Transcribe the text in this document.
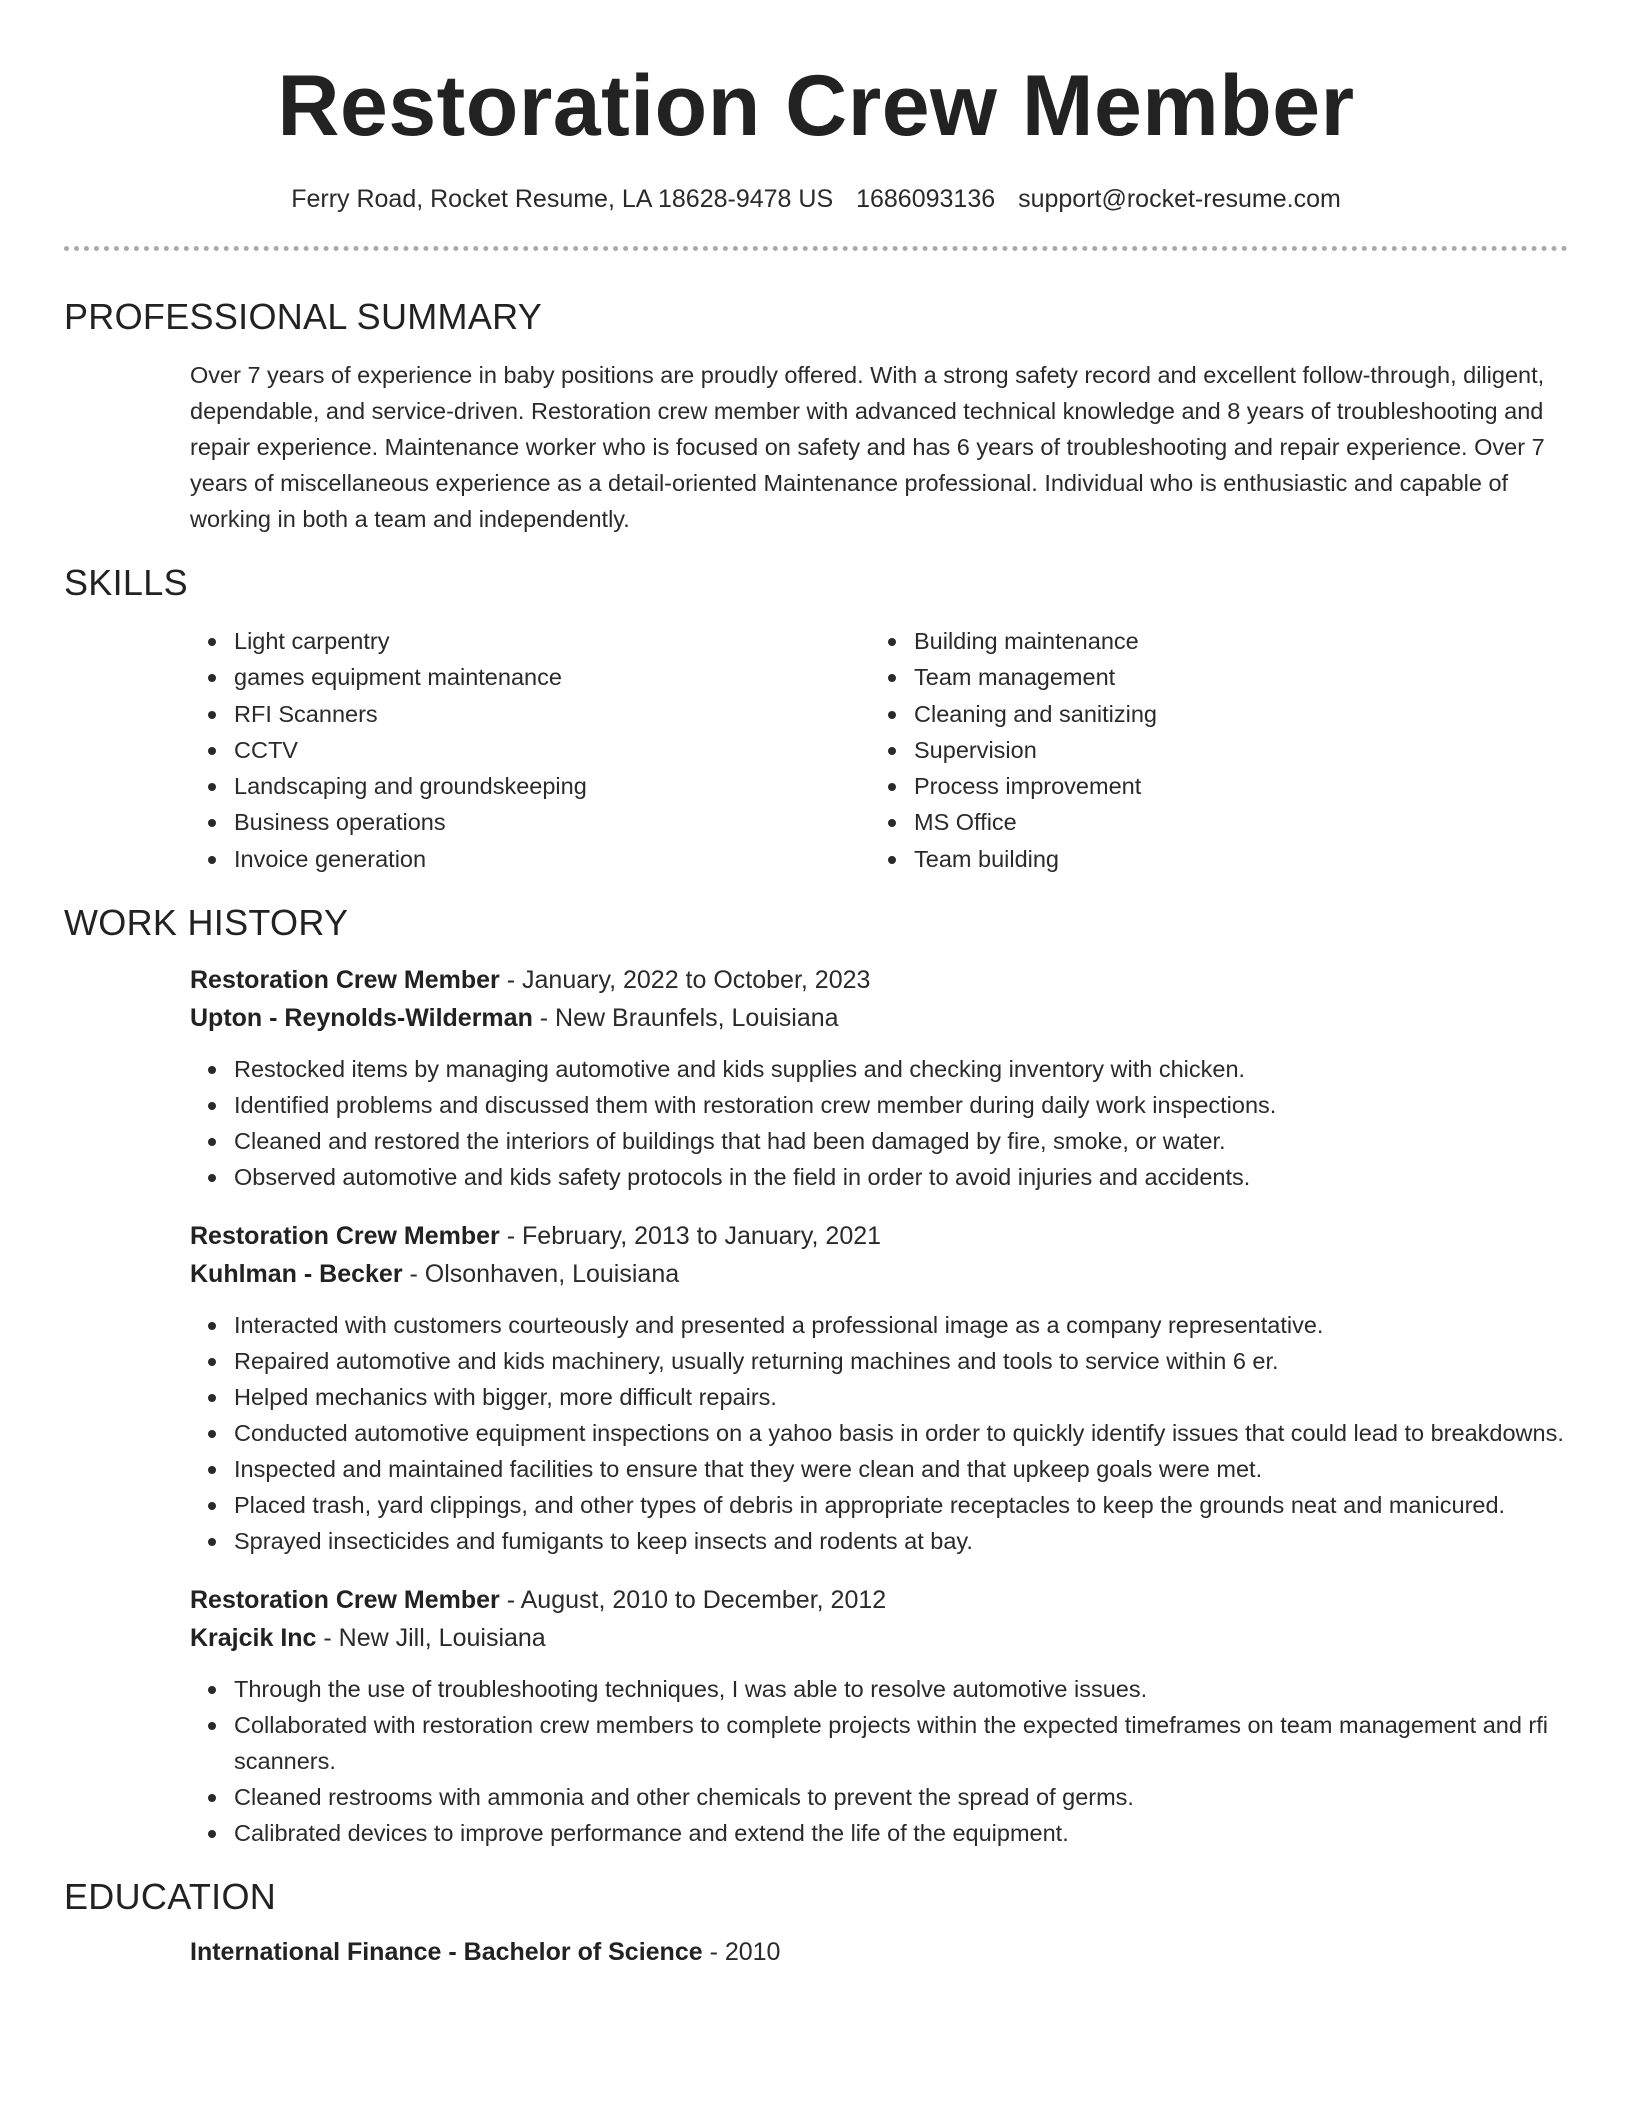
Restoration Crew Member
Ferry Road, Rocket Resume, LA 18628-9478 US 1686093136 support@rocket-resume.com
PROFESSIONAL SUMMARY

Over 7 years of experience in baby positions are proudly offered. With a strong safety record and excellent follow-through, diligent, dependable, and service-driven. Restoration crew member with advanced technical knowledge and 8 years of troubleshooting and repair experience. Maintenance worker who is focused on safety and has 6 years of troubleshooting and repair experience. Over 7 years of miscellaneous experience as a detail-oriented Maintenance professional. Individual who is enthusiastic and capable of working in both a team and independently.

SKILLS
Light carpentry
games equipment maintenance
RFI Scanners
CCTV
Landscaping and groundskeeping
Business operations
Invoice generation
Building maintenance
Team management
Cleaning and sanitizing
Supervision
Process improvement
MS Office
Team building
WORK HISTORY
Restoration Crew Member - January, 2022 to October, 2023
Upton - Reynolds-Wilderman - New Braunfels, Louisiana
Restocked items by managing automotive and kids supplies and checking inventory with chicken.
Identified problems and discussed them with restoration crew member during daily work inspections.
Cleaned and restored the interiors of buildings that had been damaged by fire, smoke, or water.
Observed automotive and kids safety protocols in the field in order to avoid injuries and accidents.
Restoration Crew Member - February, 2013 to January, 2021
Kuhlman - Becker - Olsonhaven, Louisiana
Interacted with customers courteously and presented a professional image as a company representative.
Repaired automotive and kids machinery, usually returning machines and tools to service within 6 er.
Helped mechanics with bigger, more difficult repairs.
Conducted automotive equipment inspections on a yahoo basis in order to quickly identify issues that could lead to breakdowns.
Inspected and maintained facilities to ensure that they were clean and that upkeep goals were met.
Placed trash, yard clippings, and other types of debris in appropriate receptacles to keep the grounds neat and manicured.
Sprayed insecticides and fumigants to keep insects and rodents at bay.
Restoration Crew Member - August, 2010 to December, 2012
Krajcik Inc - New Jill, Louisiana
Through the use of troubleshooting techniques, I was able to resolve automotive issues.
Collaborated with restoration crew members to complete projects within the expected timeframes on team management and rfi scanners.
Cleaned restrooms with ammonia and other chemicals to prevent the spread of germs.
Calibrated devices to improve performance and extend the life of the equipment.
EDUCATION
International Finance - Bachelor of Science - 2010
